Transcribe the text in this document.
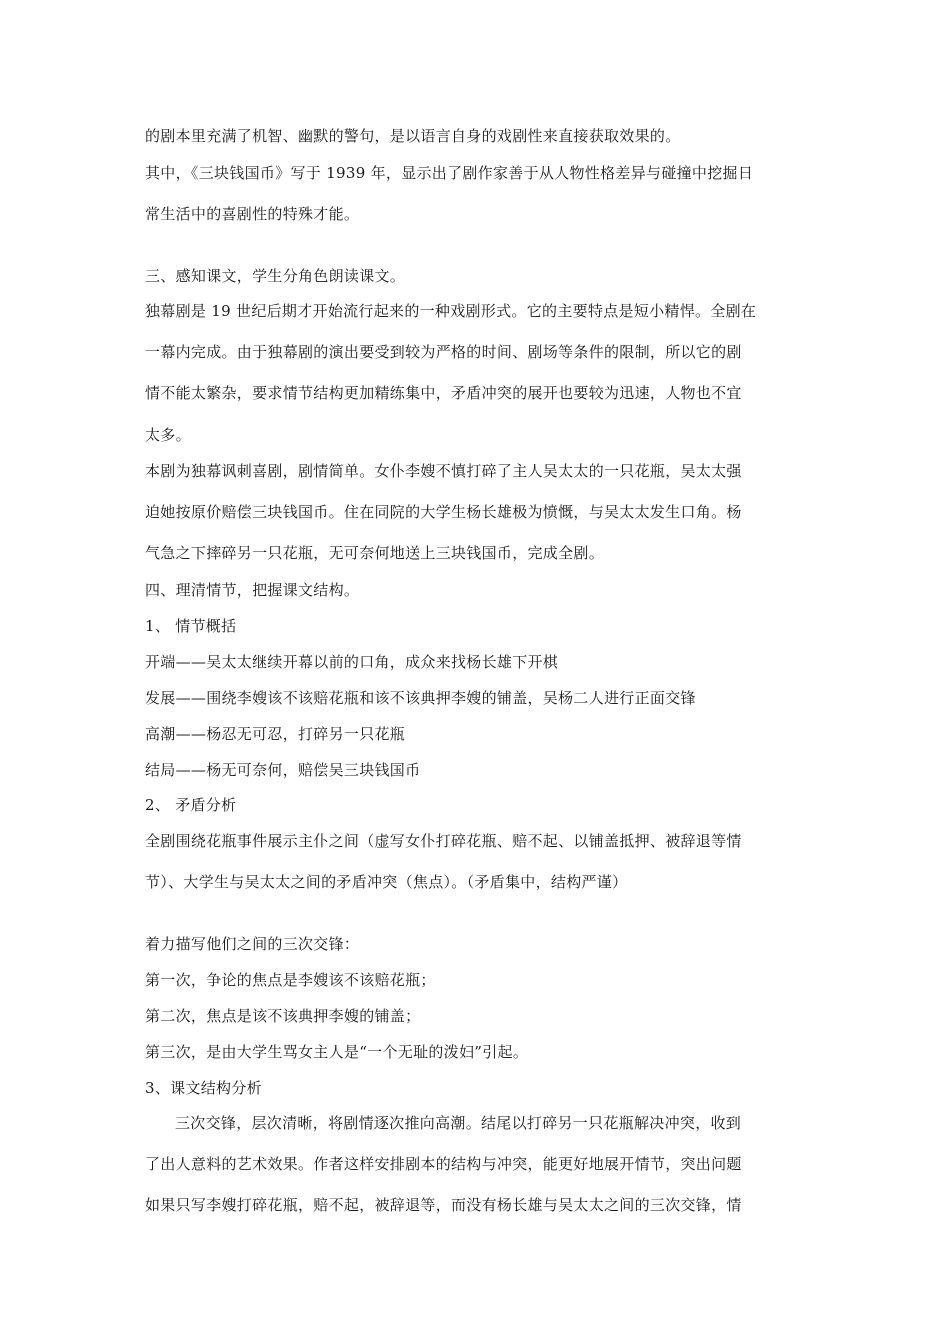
的剧本里充满了机智、幽默的警句，是以语言自身的戏剧性来直接获取效果的。
其中，《三块钱国币》写于 1939 年，显示出了剧作家善于从人物性格差异与碰撞中挖掘日
常生活中的喜剧性的特殊才能。
三、感知课文，学生分角色朗读课文。
独幕剧是 19 世纪后期才开始流行起来的一种戏剧形式。它的主要特点是短小精悍。全剧在
一幕内完成。由于独幕剧的演出要受到较为严格的时间、剧场等条件的限制，所以它的剧
情不能太繁杂，要求情节结构更加精练集中，矛盾冲突的展开也要较为迅速，人物也不宜
太多。
本剧为独幕讽刺喜剧，剧情简单。女仆李嫂不慎打碎了主人吴太太的一只花瓶，吴太太强
迫她按原价赔偿三块钱国币。住在同院的大学生杨长雄极为愤慨，与吴太太发生口角。杨
气急之下摔碎另一只花瓶，无可奈何地送上三块钱国币，完成全剧。
四、理清情节，把握课文结构。
1、 情节概括
开端——吴太太继续开幕以前的口角，成众来找杨长雄下开棋
发展——围绕李嫂该不该赔花瓶和该不该典押李嫂的铺盖，吴杨二人进行正面交锋
高潮——杨忍无可忍，打碎另一只花瓶
结局——杨无可奈何，赔偿吴三块钱国币
2、 矛盾分析
全剧围绕花瓶事件展示主仆之间（虚写女仆打碎花瓶、赔不起、以铺盖抵押、被辞退等情
节）、大学生与吴太太之间的矛盾冲突（焦点）。（矛盾集中，结构严谨）
着力描写他们之间的三次交锋：
第一次，争论的焦点是李嫂该不该赔花瓶；
第二次，焦点是该不该典押李嫂的铺盖；
第三次，是由大学生骂女主人是“一个无耻的泼妇”引起。
3、课文结构分析
三次交锋，层次清晰，将剧情逐次推向高潮。结尾以打碎另一只花瓶解决冲突，收到
了出人意料的艺术效果。作者这样安排剧本的结构与冲突，能更好地展开情节，突出问题
如果只写李嫂打碎花瓶，赔不起，被辞退等，而没有杨长雄与吴太太之间的三次交锋，情
